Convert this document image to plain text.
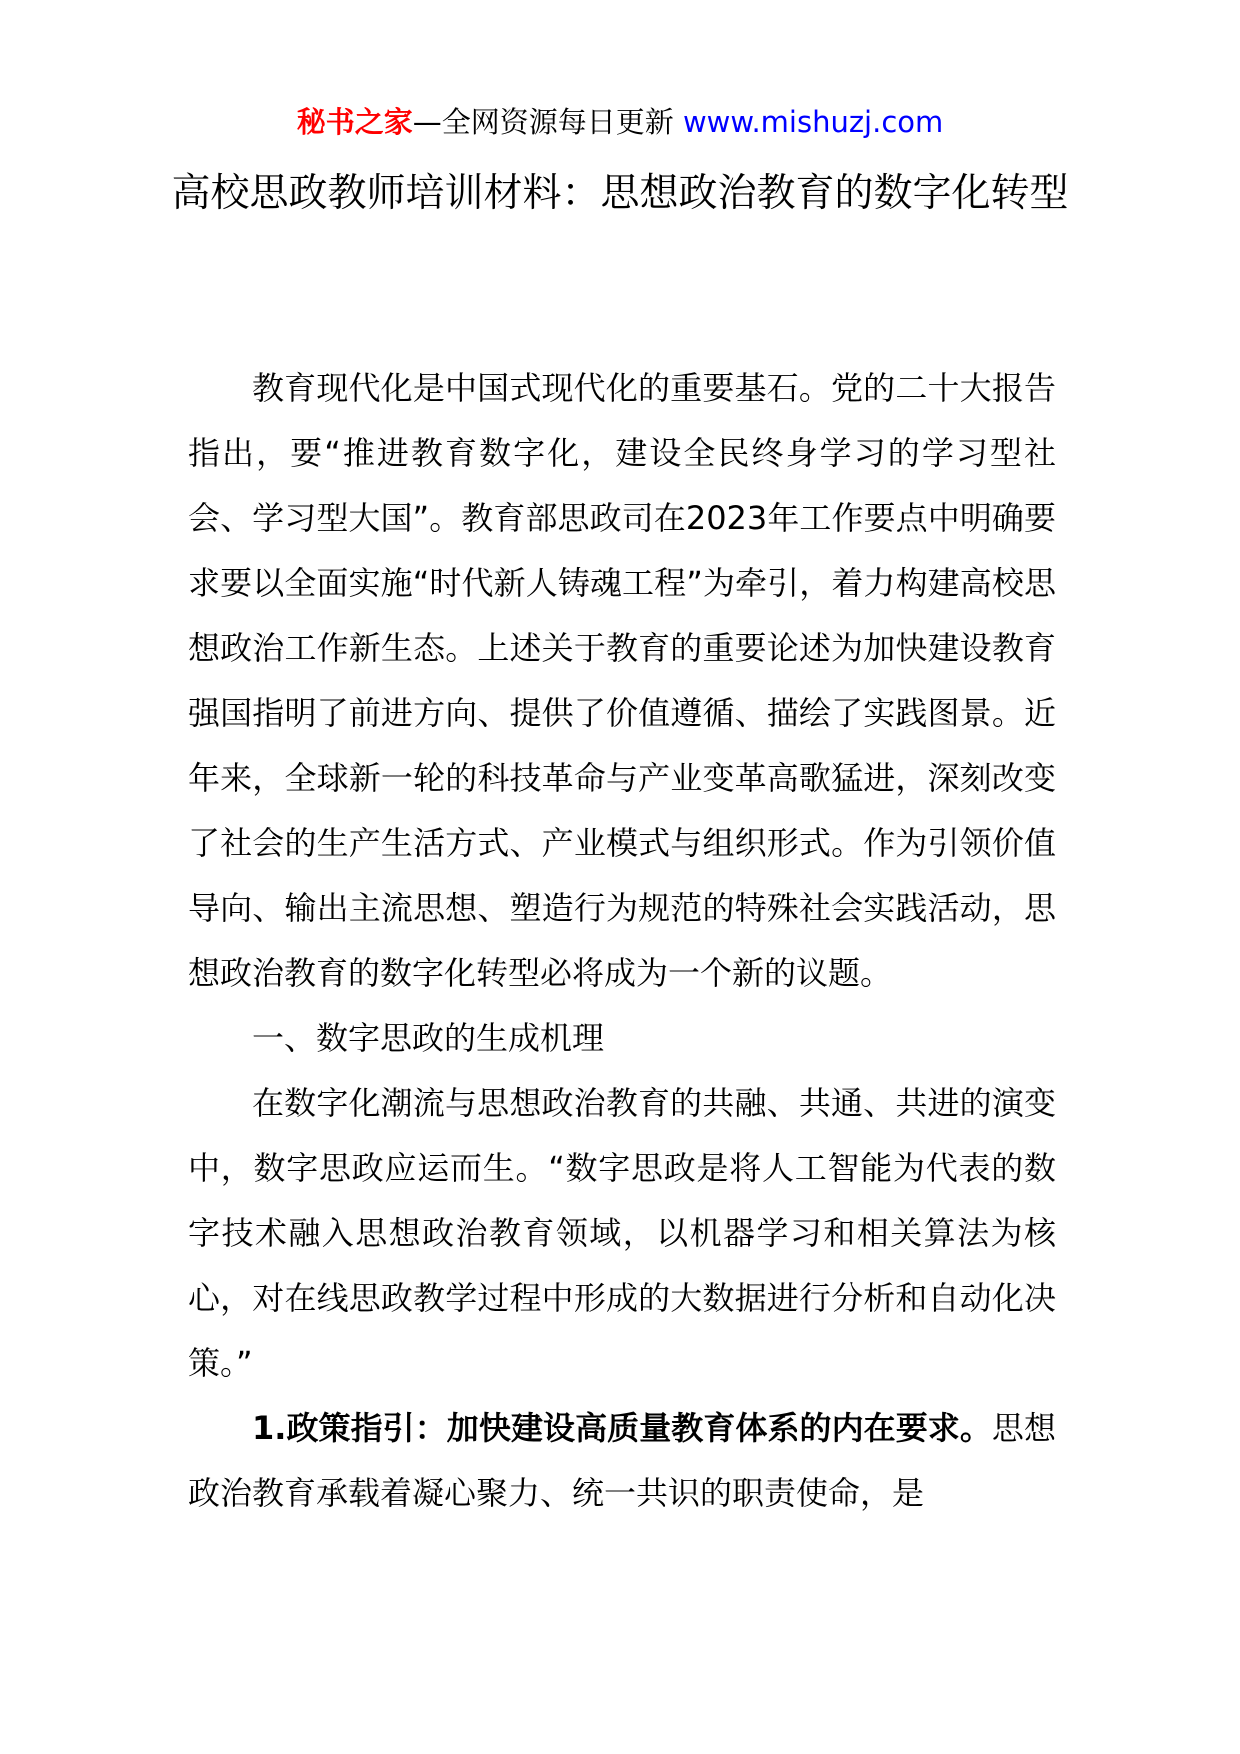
秘书之家—全网资源每日更新 www.mishuzj.com
高校思政教师培训材料：思想政治教育的数字化转型

教育现代化是中国式现代化的重要基石。党的二十大报告指出，要“推进教育数字化，建设全民终身学习的学习型社会、学习型大国”。教育部思政司在2023年工作要点中明确要求要以全面实施“时代新人铸魂工程”为牵引，着力构建高校思想政治工作新生态。上述关于教育的重要论述为加快建设教育强国指明了前进方向、提供了价值遵循、描绘了实践图景。近年来，全球新一轮的科技革命与产业变革高歌猛进，深刻改变了社会的生产生活方式、产业模式与组织形式。作为引领价值导向、输出主流思想、塑造行为规范的特殊社会实践活动，思想政治教育的数字化转型必将成为一个新的议题。

一、数字思政的生成机理

在数字化潮流与思想政治教育的共融、共通、共进的演变中，数字思政应运而生。“数字思政是将人工智能为代表的数字技术融入思想政治教育领域，以机器学习和相关算法为核心，对在线思政教学过程中形成的大数据进行分析和自动化决策。”

1.政策指引：加快建设高质量教育体系的内在要求。思想政治教育承载着凝心聚力、统一共识的职责使命，是
